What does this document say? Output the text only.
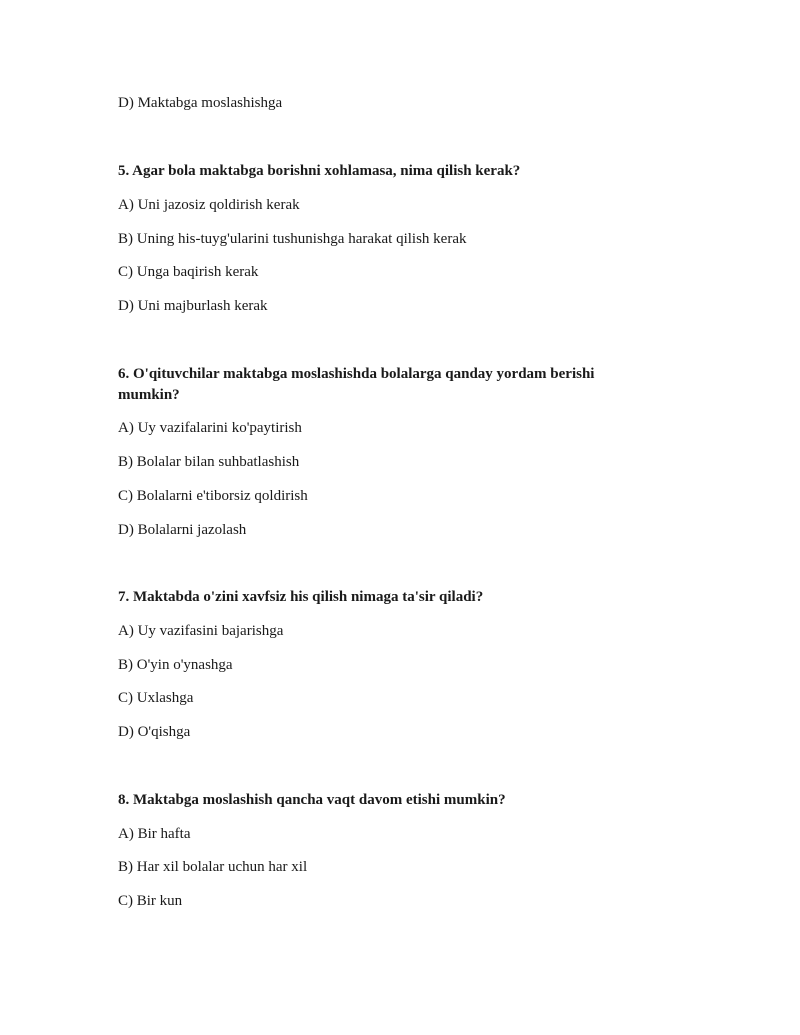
D) Maktabga moslashishga
5. Agar bola maktabga borishni xohlamasa, nima qilish kerak?
A) Uni jazosiz qoldirish kerak
B) Uning his-tuyg'ularini tushunishga harakat qilish kerak
C) Unga baqirish kerak
D) Uni majburlash kerak
6. O'qituvchilar maktabga moslashishda bolalarga qanday yordam berishi
mumkin?
A) Uy vazifalarini ko'paytirish
B) Bolalar bilan suhbatlashish
C) Bolalarni e'tiborsiz qoldirish
D) Bolalarni jazolash
7. Maktabda o'zini xavfsiz his qilish nimaga ta'sir qiladi?
A) Uy vazifasini bajarishga
B) O'yin o'ynashga
C) Uxlashga
D) O'qishga
8. Maktabga moslashish qancha vaqt davom etishi mumkin?
A) Bir hafta
B) Har xil bolalar uchun har xil
C) Bir kun
